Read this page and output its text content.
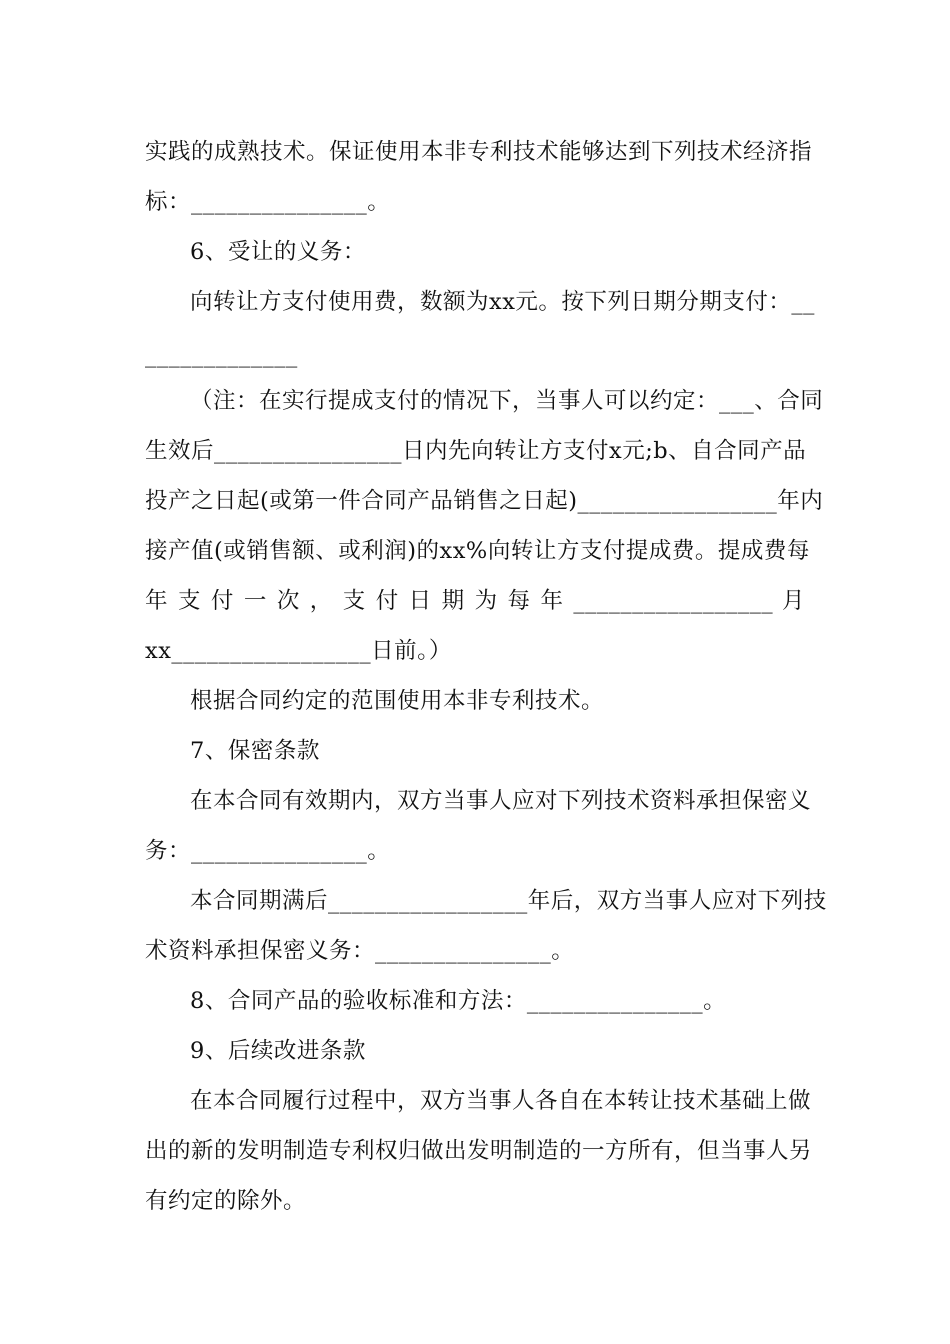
实践的成熟技术。保证使用本非专利技术能够达到下列技术经济指
标：_______________。
6、受让的义务：
向转让方支付使用费，数额为xx元。按下列日期分期支付：__
_____________
（注：在实行提成支付的情况下，当事人可以约定：___、合同
生效后________________日内先向转让方支付x元;b、自合同产品
投产之日起(或第一件合同产品销售之日起)_________________年内
接产值(或销售额、或利润)的xx%向转让方支付提成费。提成费每
年 支 付 一 次 ， 支 付 日 期 为 每 年 _________________ 月
xx_________________日前。）
根据合同约定的范围使用本非专利技术。
7、保密条款
在本合同有效期内，双方当事人应对下列技术资料承担保密义
务：_______________。
本合同期满后_________________年后，双方当事人应对下列技
术资料承担保密义务：_______________。
8、合同产品的验收标准和方法：_______________。
9、后续改进条款
在本合同履行过程中，双方当事人各自在本转让技术基础上做
出的新的发明制造专利权归做出发明制造的一方所有，但当事人另
有约定的除外。
